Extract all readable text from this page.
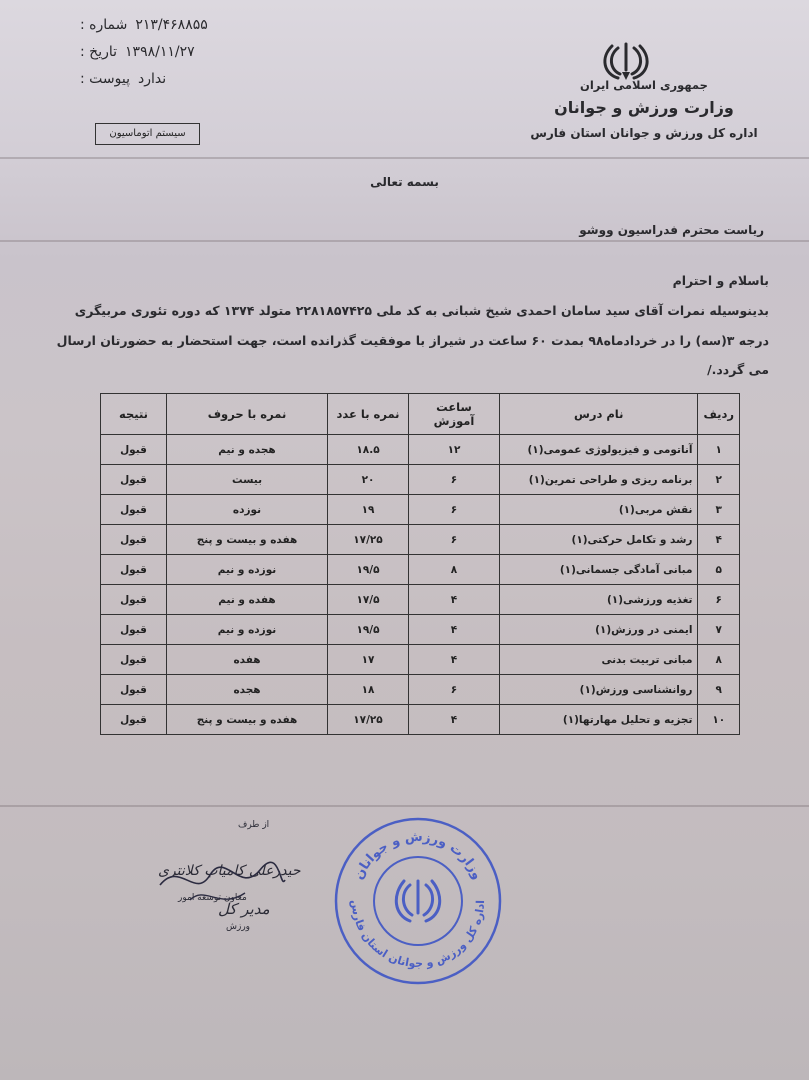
شماره : ۲۱۳/۴۶۸۸۵۵
تاریخ : ۱۳۹۸/۱۱/۲۷
پیوست : ندارد	جمهوری اسلامی ایران
وزارت ورزش و جوانان
اداره کل ورزش و جوانان استان فارس
سیستم اتوماسیون
بسمه تعالی
ریاست محترم فدراسیون ووشو
باسلام و احترام
بدینوسیله نمرات آقای سید سامان احمدی شیخ شبانی به کد ملی ۲۲۸۱۸۵۷۴۲۵ متولد ۱۳۷۴ که دوره تئوری مربیگری
درجه ۳(سه) را در خردادماه۹۸ بمدت ۶۰ ساعت در شیراز با موفقیت گذرانده است، جهت استحضار به حضورتان ارسال
می گردد./
ردیف	نام درس	ساعت آموزش	نمره با عدد	نمره با حروف	نتیجه
۱	آناتومی و فیزیولوژی عمومی(۱)	۱۲	۱۸.۵	هجده و نیم	قبول
۲	برنامه ریزی و طراحی تمرین(۱)	۶	۲۰	بیست	قبول
۳	نقش مربی(۱)	۶	۱۹	نوزده	قبول
۴	رشد و تکامل حرکتی(۱)	۶	۱۷/۲۵	هفده و بیست و پنج	قبول
۵	مبانی آمادگی جسمانی(۱)	۸	۱۹/۵	نوزده و نیم	قبول
۶	تغذیه ورزشی(۱)	۴	۱۷/۵	هفده و نیم	قبول
۷	ایمنی در ورزش(۱)	۴	۱۹/۵	نوزده و نیم	قبول
۸	مبانی تربیت بدنی	۴	۱۷	هفده	قبول
۹	روانشناسی ورزش(۱)	۶	۱۸	هجده	قبول
۱۰	تجزیه و تحلیل مهارتها(۱)	۴	۱۷/۲۵	هفده و بیست و پنج	قبول
از طرف
حیدرعلی کامیاب کلانتری
معاون توسعه امور
مدیر کل
ورزش
وزارت ورزش و جوانان
اداره کل ورزش و جوانان استان فارس
